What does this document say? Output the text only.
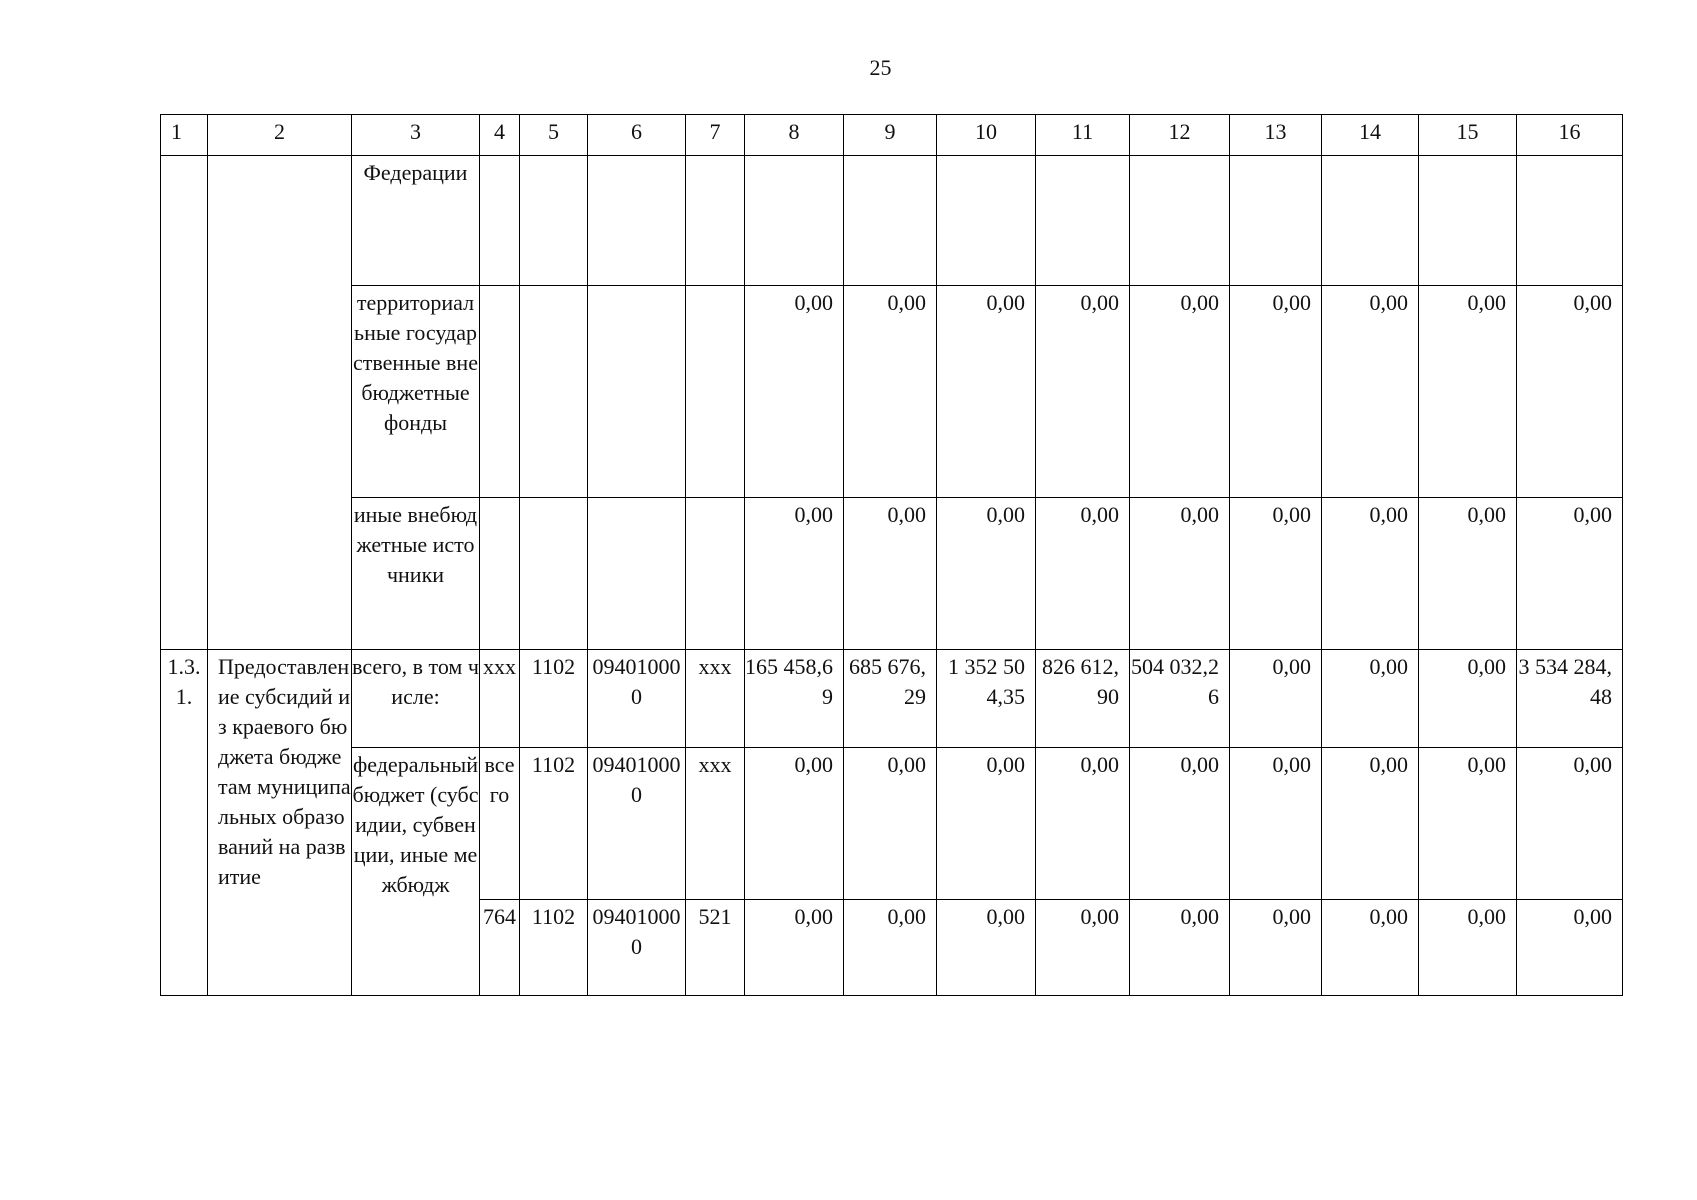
25
1	2	3	4	5	6	7	8	9	10	11	12	13	14	15	16
		Федерации													
		территориальные государственные внебюджетные фонды					0,00	0,00	0,00	0,00	0,00	0,00	0,00	0,00	0,00
		иные внебюджетные источники					0,00	0,00	0,00	0,00	0,00	0,00	0,00	0,00	0,00
1.3.1.	Предоставление субсидий из краевого бюджета бюджетам муниципальных образований на развитие	всего, в том числе:	ххх	1102	094010000	ххх	165 458,69	685 676,29	1 352 504,35	826 612,90	504 032,26	0,00	0,00	0,00	3 534 284,48
		федеральный бюджет (субсидии, субвенции, иные межбюдж	всего	1102	094010000	ххх	0,00	0,00	0,00	0,00	0,00	0,00	0,00	0,00	0,00
			764	1102	094010000	521	0,00	0,00	0,00	0,00	0,00	0,00	0,00	0,00	0,00
